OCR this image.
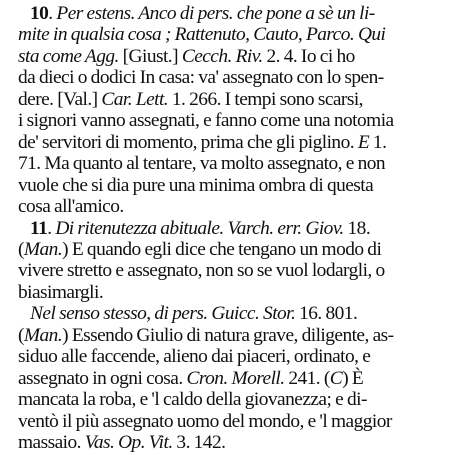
10. Per estens. Anco di pers. che pone a sè un li-
mite in qualsia cosa ; Rattenuto, Cauto, Parco. Qui
sta come Agg. [Giust.] Cecch. Riv. 2. 4. Io ci ho
da dieci o dodici In casa: va' assegnato con lo spen-
dere. [Val.] Car. Lett. 1. 266. I tempi sono scarsi,
i signori vanno assegnati, e fanno come una notomia
de' servitori di momento, prima che gli piglino. E 1.
71. Ma quanto al tentare, va molto assegnato, e non
vuole che si dia pure una minima ombra di questa
cosa all'amico.
11. Di ritenutezza abituale. Varch. err. Giov. 18.
(Man.) E quando egli dice che tengano un modo di
vivere stretto e assegnato, non so se vuol lodargli, o
biasimargli.
Nel senso stesso, di pers. Guicc. Stor. 16. 801.
(Man.) Essendo Giulio di natura grave, diligente, as-
siduo alle faccende, alieno dai piaceri, ordinato, e
assegnato in ogni cosa. Cron. Morell. 241. (C) È
mancata la roba, e 'l caldo della giovanezza; e di-
ventò il più assegnato uomo del mondo, e 'l maggior
massaio. Vas. Op. Vit. 3. 142.
